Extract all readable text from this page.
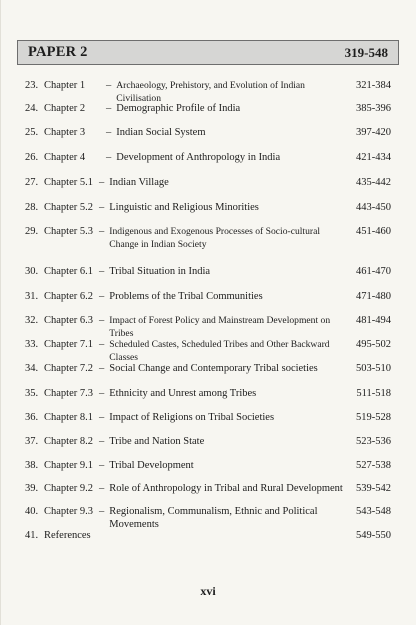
PAPER 2	319-548
23. Chapter 1	– Archaeology, Prehistory, and Evolution of Indian Civilisation
321-384
24. Chapter 2	– Demographic Profile of India	385-396
25. Chapter 3	– Indian Social System	397-420
26. Chapter 4	– Development of Anthropology in India	421-434
27. Chapter 5.1 – Indian Village	435-442
28. Chapter 5.2 – Linguistic and Religious Minorities	443-450
29. Chapter 5.3 – Indigenous and Exogenous Processes of Socio-cultural Change in Indian Society
451-460
30. Chapter 6.1 – Tribal Situation in India	461-470
31. Chapter 6.2 – Problems of the Tribal Communities	471-480
32. Chapter 6.3 – Impact of Forest Policy and Mainstream Development on Tribes
481-494
33. Chapter 7.1 – Scheduled Castes, Scheduled Tribes and Other Backward Classes
495-502
34. Chapter 7.2 – Social Change and Contemporary Tribal societies	503-510
35. Chapter 7.3 – Ethnicity and Unrest among Tribes	511-518
36. Chapter 8.1 – Impact of Religions on Tribal Societies	519-528
37. Chapter 8.2 – Tribe and Nation State	523-536
38. Chapter 9.1 – Tribal Development	527-538
39. Chapter 9.2 – Role of Anthropology in Tribal and Rural Development	539-542
40. Chapter 9.3 – Regionalism, Communalism, Ethnic and Political Movements
543-548
41. References	549-550
xvi
